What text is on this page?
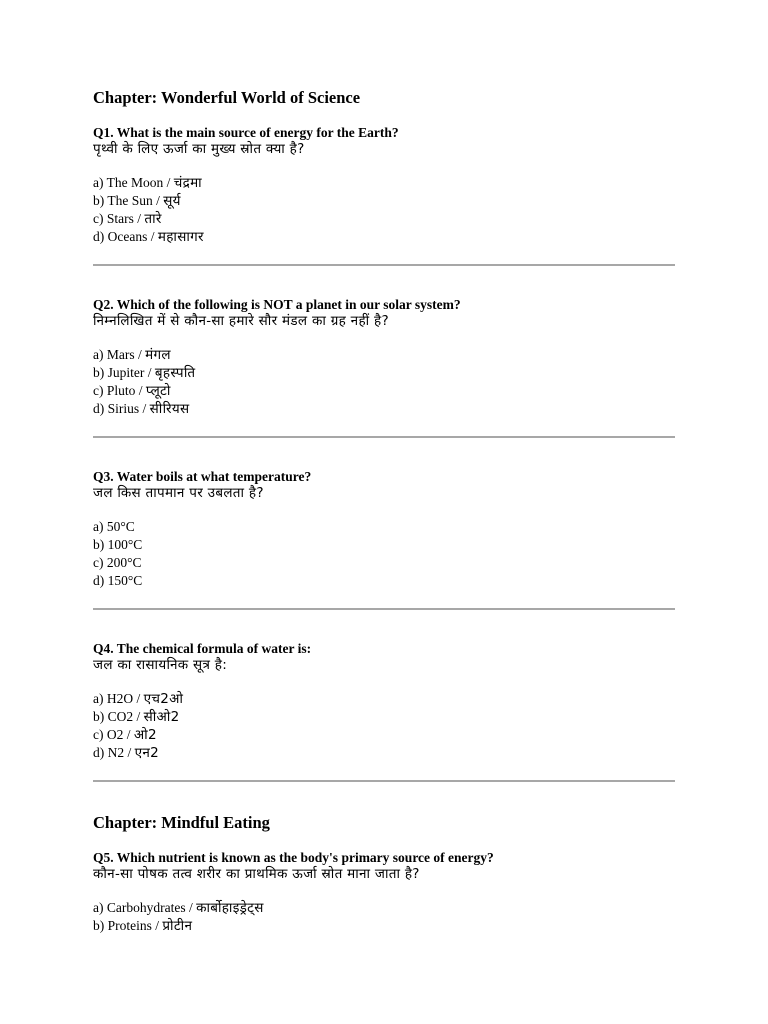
Chapter: Wonderful World of Science
Q1. What is the main source of energy for the Earth?
पृथ्वी के लिए ऊर्जा का मुख्य स्रोत क्या है?
a) The Moon / चंद्रमा
b) The Sun / सूर्य
c) Stars / तारे
d) Oceans / महासागर
Q2. Which of the following is NOT a planet in our solar system?
निम्नलिखित में से कौन-सा हमारे सौर मंडल का ग्रह नहीं है?
a) Mars / मंगल
b) Jupiter / बृहस्पति
c) Pluto / प्लूटो
d) Sirius / सीरियस
Q3. Water boils at what temperature?
जल किस तापमान पर उबलता है?
a) 50°C
b) 100°C
c) 200°C
d) 150°C
Q4. The chemical formula of water is:
जल का रासायनिक सूत्र है:
a) H2O / एच2ओ
b) CO2 / सीओ2
c) O2 / ओ2
d) N2 / एन2
Chapter: Mindful Eating
Q5. Which nutrient is known as the body's primary source of energy?
कौन-सा पोषक तत्व शरीर का प्राथमिक ऊर्जा स्रोत माना जाता है?
a) Carbohydrates / कार्बोहाइड्रेट्स
b) Proteins / प्रोटीन
